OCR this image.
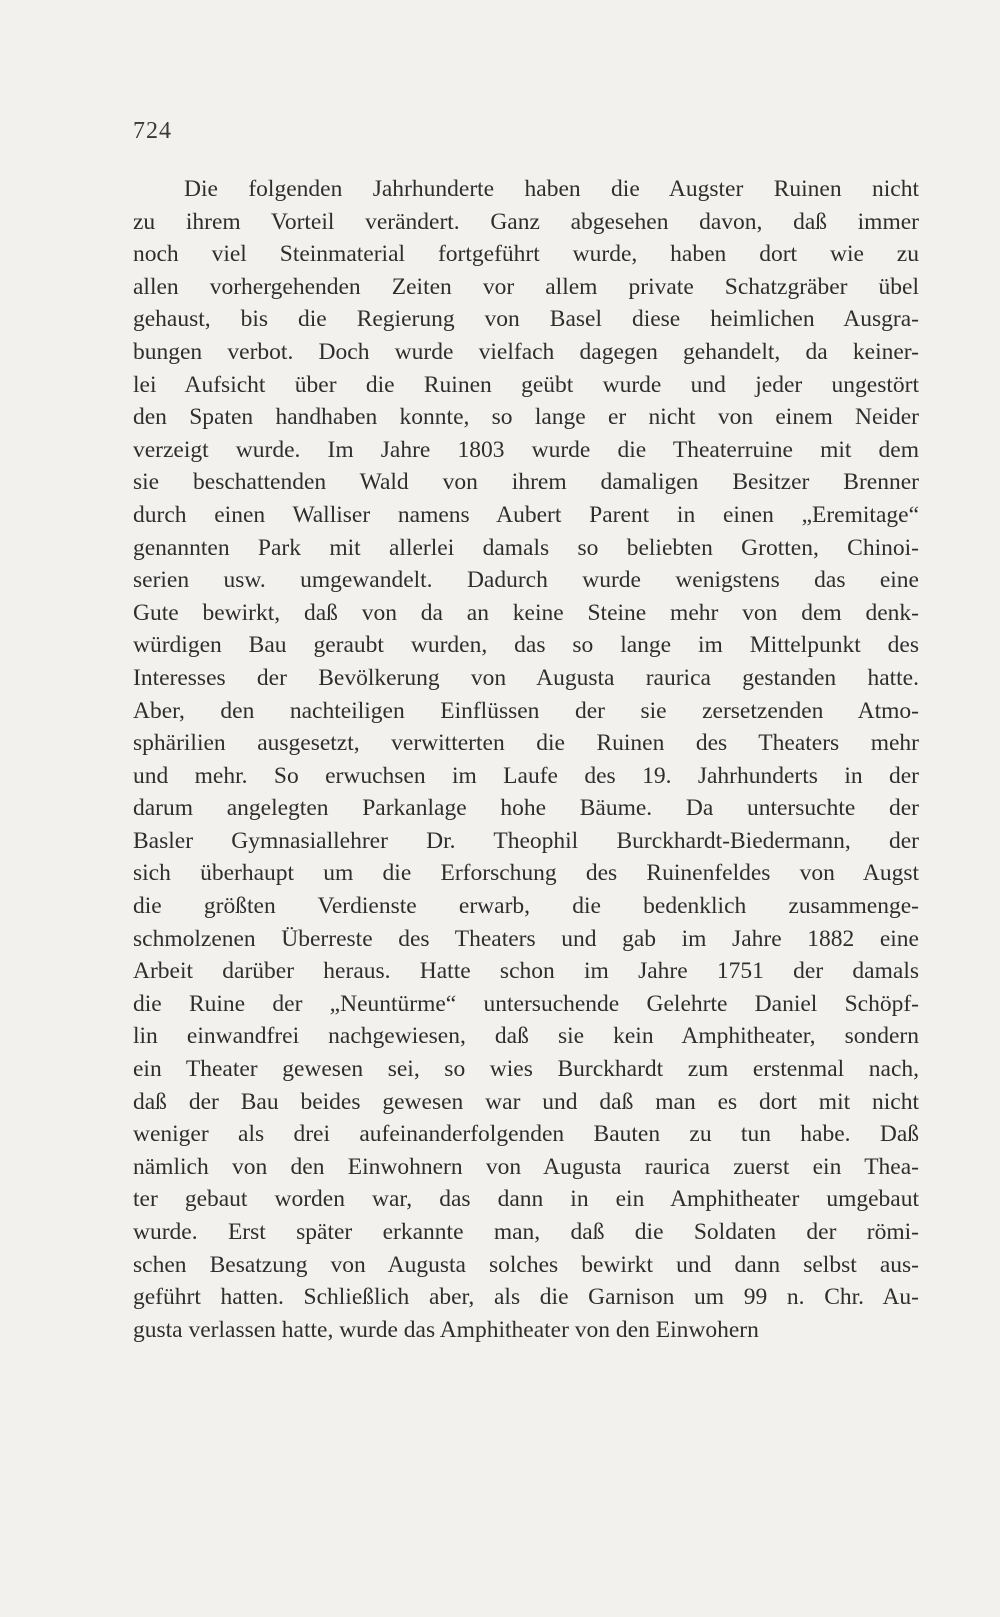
724
Die folgenden Jahrhunderte haben die Augster Ruinen nicht
zu ihrem Vorteil verändert. Ganz abgesehen davon, daß immer
noch viel Steinmaterial fortgeführt wurde, haben dort wie zu
allen vorhergehenden Zeiten vor allem private Schatzgräber übel
gehaust, bis die Regierung von Basel diese heimlichen Ausgra-
bungen verbot. Doch wurde vielfach dagegen gehandelt, da keiner-
lei Aufsicht über die Ruinen geübt wurde und jeder ungestört
den Spaten handhaben konnte, so lange er nicht von einem Neider
verzeigt wurde. Im Jahre 1803 wurde die Theaterruine mit dem
sie beschattenden Wald von ihrem damaligen Besitzer Brenner
durch einen Walliser namens Aubert Parent in einen „Eremitage“
genannten Park mit allerlei damals so beliebten Grotten, Chinoi-
serien usw. umgewandelt. Dadurch wurde wenigstens das eine
Gute bewirkt, daß von da an keine Steine mehr von dem denk-
würdigen Bau geraubt wurden, das so lange im Mittelpunkt des
Interesses der Bevölkerung von Augusta raurica gestanden hatte.
Aber, den nachteiligen Einflüssen der sie zersetzenden Atmo-
sphärilien ausgesetzt, verwitterten die Ruinen des Theaters mehr
und mehr. So erwuchsen im Laufe des 19. Jahrhunderts in der
darum angelegten Parkanlage hohe Bäume. Da untersuchte der
Basler Gymnasiallehrer Dr. Theophil Burckhardt-Biedermann, der
sich überhaupt um die Erforschung des Ruinenfeldes von Augst
die größten Verdienste erwarb, die bedenklich zusammenge-
schmolzenen Überreste des Theaters und gab im Jahre 1882 eine
Arbeit darüber heraus. Hatte schon im Jahre 1751 der damals
die Ruine der „Neuntürme“ untersuchende Gelehrte Daniel Schöpf-
lin einwandfrei nachgewiesen, daß sie kein Amphitheater, sondern
ein Theater gewesen sei, so wies Burckhardt zum erstenmal nach,
daß der Bau beides gewesen war und daß man es dort mit nicht
weniger als drei aufeinanderfolgenden Bauten zu tun habe. Daß
nämlich von den Einwohnern von Augusta raurica zuerst ein Thea-
ter gebaut worden war, das dann in ein Amphitheater umgebaut
wurde. Erst später erkannte man, daß die Soldaten der römi-
schen Besatzung von Augusta solches bewirkt und dann selbst aus-
geführt hatten. Schließlich aber, als die Garnison um 99 n. Chr. Au-
gusta verlassen hatte, wurde das Amphitheater von den Einwohern
